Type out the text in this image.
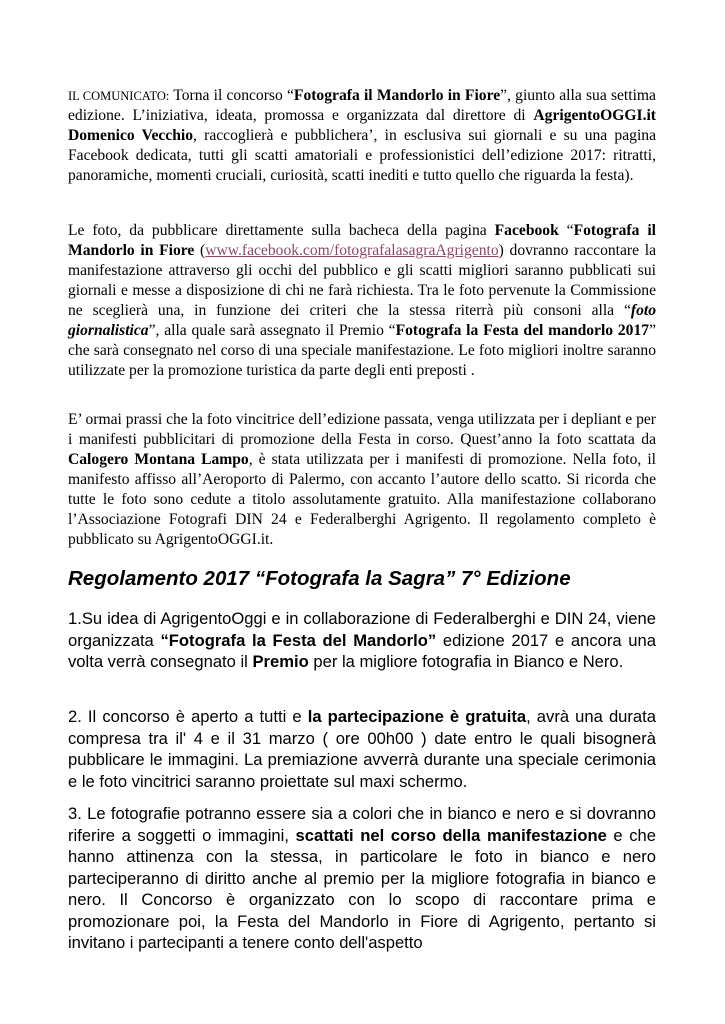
IL COMUNICATO: Torna il concorso “Fotografa il Mandorlo in Fiore”, giunto alla sua settima edizione. L’iniziativa, ideata, promossa e organizzata dal direttore di AgrigentoOGGI.it Domenico Vecchio, raccoglierà e pubblichera’, in esclusiva sui giornali e su una pagina Facebook dedicata, tutti gli scatti amatoriali e professionistici dell’edizione 2017: ritratti, panoramiche, momenti cruciali, curiosità, scatti inediti e tutto quello che riguarda la festa).

Le foto, da pubblicare direttamente sulla bacheca della pagina Facebook “Fotografa il Mandorlo in Fiore (www.facebook.com/fotografalasagraAgrigento) dovranno raccontare la manifestazione attraverso gli occhi del pubblico e gli scatti migliori saranno pubblicati sui giornali e messe a disposizione di chi ne farà richiesta. Tra le foto pervenute la Commissione ne sceglierà una, in funzione dei criteri che la stessa riterrà più consoni alla “foto giornalistica”, alla quale sarà assegnato il Premio “Fotografa la Festa del mandorlo 2017” che sarà consegnato nel corso di una speciale manifestazione. Le foto migliori inoltre saranno utilizzate per la promozione turistica da parte degli enti preposti .

E’ ormai prassi che la foto vincitrice dell’edizione passata, venga utilizzata per i depliant e per i manifesti pubblicitari di promozione della Festa in corso. Quest’anno la foto scattata da Calogero Montana Lampo, è stata utilizzata per i manifesti di promozione. Nella foto, il manifesto affisso all’Aeroporto di Palermo, con accanto l’autore dello scatto. Si ricorda che tutte le foto sono cedute a titolo assolutamente gratuito. Alla manifestazione collaborano l’Associazione Fotografi DIN 24 e Federalberghi Agrigento. Il regolamento completo è pubblicato su AgrigentoOGGI.it.

Regolamento 2017 “Fotografa la Sagra” 7° Edizione

1.Su idea di AgrigentoOggi e in collaborazione di Federalberghi e DIN 24, viene organizzata “Fotografa la Festa del Mandorlo” edizione 2017 e ancora una volta verrà consegnato il Premio per la migliore fotografia in Bianco e Nero.

2. Il concorso è aperto a tutti e la partecipazione è gratuita, avrà una durata compresa tra il' 4 e il 31 marzo ( ore 00h00 ) date entro le quali bisognerà pubblicare le immagini. La premiazione avverrà durante una speciale cerimonia e le foto vincitrici saranno proiettate sul maxi schermo.

3. Le fotografie potranno essere sia a colori che in bianco e nero e si dovranno riferire a soggetti o immagini, scattati nel corso della manifestazione e che hanno attinenza con la stessa, in particolare le foto in bianco e nero parteciperanno di diritto anche al premio per la migliore fotografia in bianco e nero. Il Concorso è organizzato con lo scopo di raccontare prima e promozionare poi, la Festa del Mandorlo in Fiore di Agrigento, pertanto si invitano i partecipanti a tenere conto dell'aspetto
